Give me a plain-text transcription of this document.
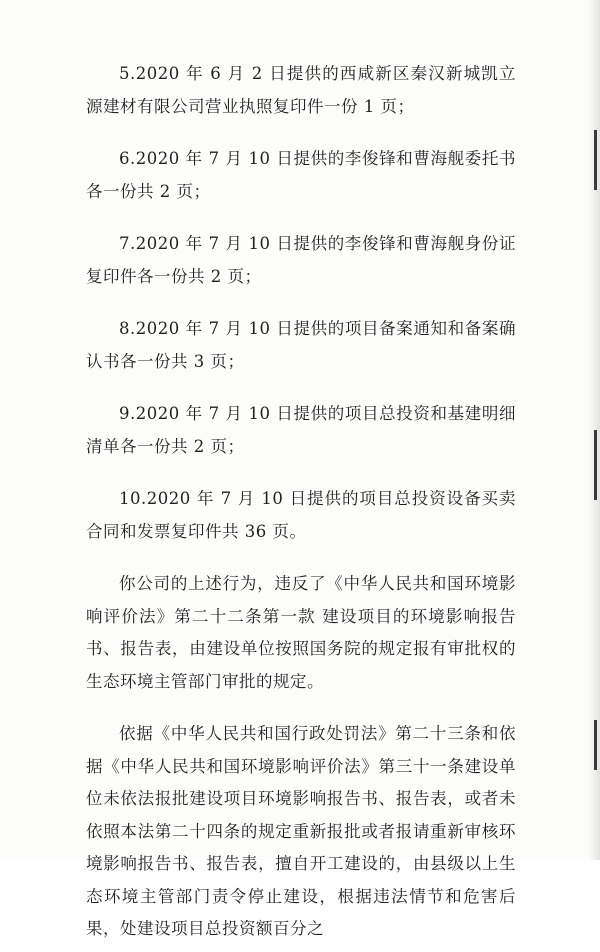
5.2020 年 6 月 2 日提供的西咸新区秦汉新城凯立源建材有限公司营业执照复印件一份 1 页；

6.2020 年 7 月 10 日提供的李俊锋和曹海舰委托书各一份共 2 页；

7.2020 年 7 月 10 日提供的李俊锋和曹海舰身份证复印件各一份共 2 页；

8.2020 年 7 月 10 日提供的项目备案通知和备案确认书各一份共 3 页；

9.2020 年 7 月 10 日提供的项目总投资和基建明细清单各一份共 2 页；

10.2020 年 7 月 10 日提供的项目总投资设备买卖合同和发票复印件共 36 页。

你公司的上述行为，违反了《中华人民共和国环境影响评价法》第二十二条第一款 建设项目的环境影响报告书、报告表，由建设单位按照国务院的规定报有审批权的生态环境主管部门审批的规定。

依据《中华人民共和国行政处罚法》第二十三条和依据《中华人民共和国环境影响评价法》第三十一条建设单位未依法报批建设项目环境影响报告书、报告表，或者未依照本法第二十四条的规定重新报批或者报请重新审核环境影响报告书、报告表，擅自开工建设的，由县级以上生态环境主管部门责令停止建设，根据违法情节和危害后果，处建设项目总投资额百分之
